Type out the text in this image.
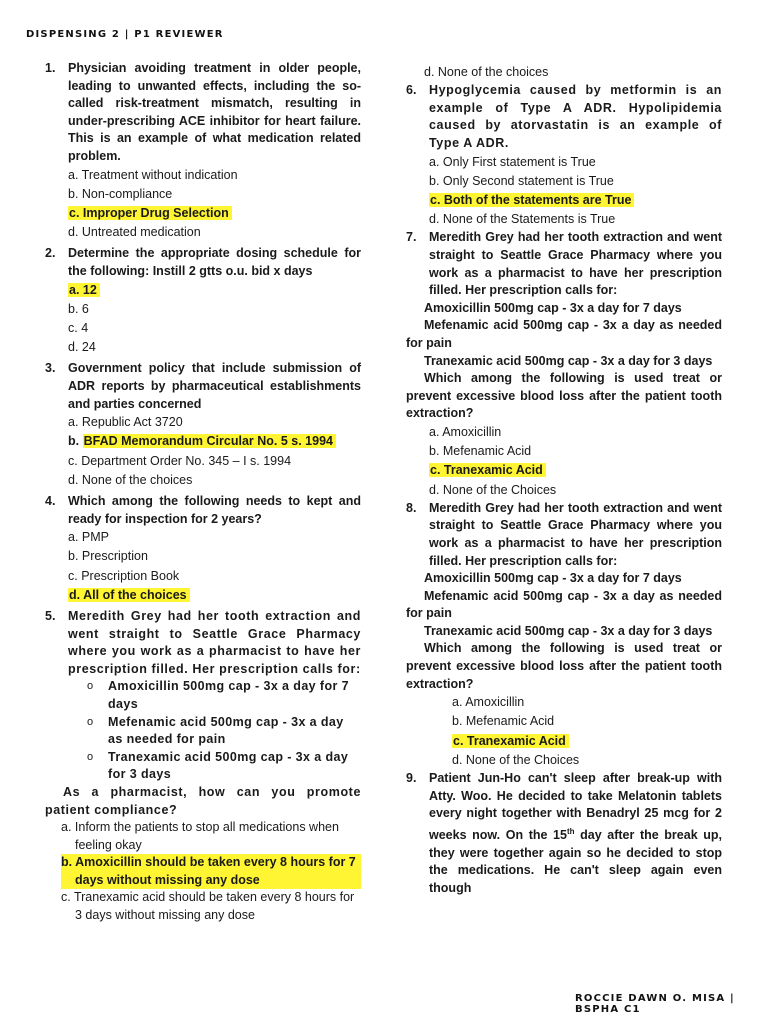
DISPENSING 2 | P1 REVIEWER
ROCCIE DAWN O. MISA | BSPHA C1
1. Physician avoiding treatment in older people, leading to unwanted effects, including the so-called risk-treatment mismatch, resulting in under-prescribing ACE inhibitor for heart failure. This is an example of what medication related problem.
a. Treatment without indication
b. Non-compliance
c. Improper Drug Selection
d. Untreated medication
2. Determine the appropriate dosing schedule for the following: Instill 2 gtts o.u. bid x days
a. 12
b. 6
c. 4
d. 24
3. Government policy that include submission of ADR reports by pharmaceutical establishments and parties concerned
a. Republic Act 3720
b. BFAD Memorandum Circular No. 5 s. 1994
c. Department Order No. 345 – I s. 1994
d. None of the choices
4. Which among the following needs to kept and ready for inspection for 2 years?
a. PMP
b. Prescription
c. Prescription Book
d. All of the choices
5. Meredith Grey had her tooth extraction and went straight to Seattle Grace Pharmacy where you work as a pharmacist to have her prescription filled. Her prescription calls for:
o Amoxicillin 500mg cap - 3x a day for 7 days
o Mefenamic acid 500mg cap - 3x a day as needed for pain
o Tranexamic acid 500mg cap - 3x a day for 3 days
As a pharmacist, how can you promote patient compliance?
a. Inform the patients to stop all medications when feeling okay
b. Amoxicillin should be taken every 8 hours for 7 days without missing any dose
c. Tranexamic acid should be taken every 8 hours for 3 days without missing any dose
d. None of the choices
6. Hypoglycemia caused by metformin is an example of Type A ADR. Hypolipidemia caused by atorvastatin is an example of Type A ADR.
a. Only First statement is True
b. Only Second statement is True
c. Both of the statements are True
d. None of the Statements is True
7. Meredith Grey had her tooth extraction and went straight to Seattle Grace Pharmacy where you work as a pharmacist to have her prescription filled. Her prescription calls for:
Amoxicillin 500mg cap - 3x a day for 7 days
Mefenamic acid 500mg cap - 3x a day as needed for pain
Tranexamic acid 500mg cap - 3x a day for 3 days
Which among the following is used treat or prevent excessive blood loss after the patient tooth extraction?
a. Amoxicillin
b. Mefenamic Acid
c. Tranexamic Acid
d. None of the Choices
8. Meredith Grey had her tooth extraction and went straight to Seattle Grace Pharmacy where you work as a pharmacist to have her prescription filled. Her prescription calls for:
Amoxicillin 500mg cap - 3x a day for 7 days
Mefenamic acid 500mg cap - 3x a day as needed for pain
Tranexamic acid 500mg cap - 3x a day for 3 days
Which among the following is used treat or prevent excessive blood loss after the patient tooth extraction?
a. Amoxicillin
b. Mefenamic Acid
c. Tranexamic Acid
d. None of the Choices
9. Patient Jun-Ho can't sleep after break-up with Atty. Woo. He decided to take Melatonin tablets every night together with Benadryl 25 mcg for 2 weeks now. On the 15th day after the break up, they were together again so he decided to stop the medications. He can't sleep again even though
